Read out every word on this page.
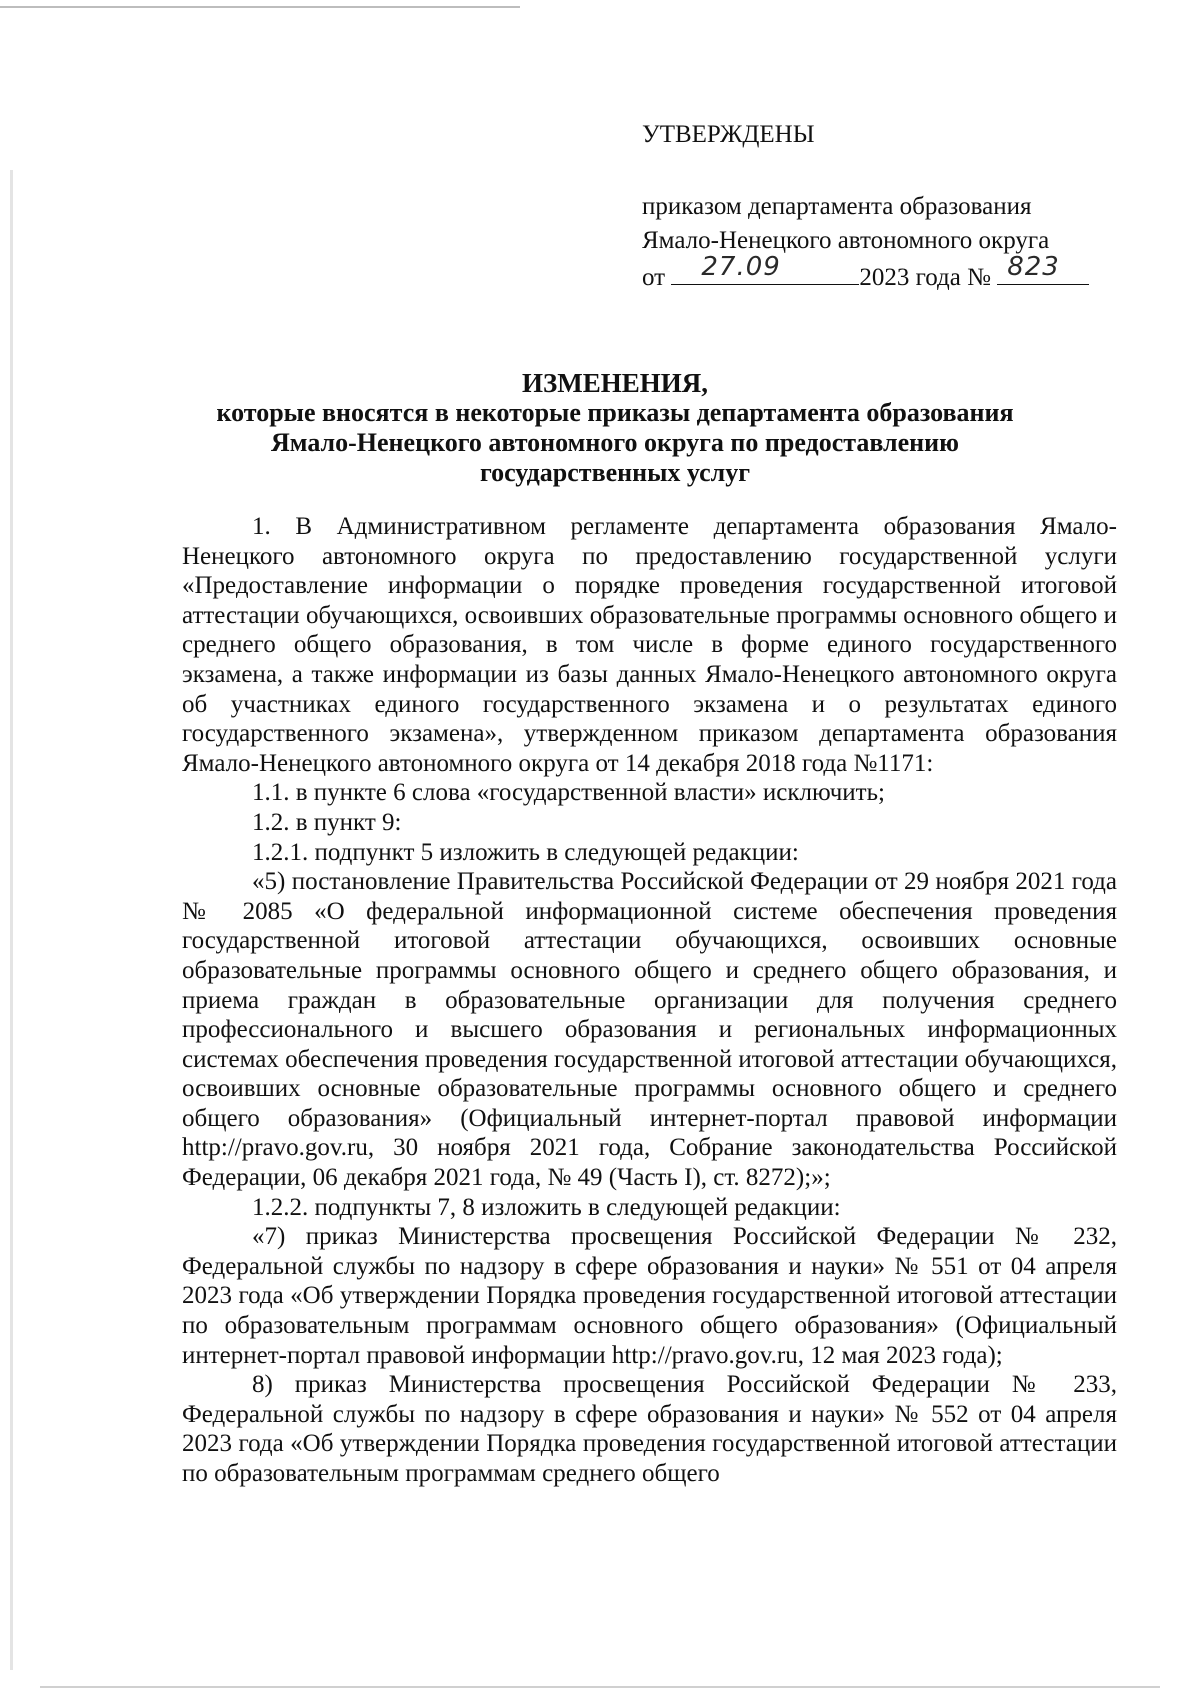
УТВЕРЖДЕНЫ
приказом департамента образования
Ямало-Ненецкого автономного округа
от 27.09	2023 года № 823
ИЗМЕНЕНИЯ,
которые вносятся в некоторые приказы департамента образования
Ямало-Ненецкого автономного округа по предоставлению
государственных услуг

1. В Административном регламенте департамента образования Ямало-Ненецкого автономного округа по предоставлению государственной услуги «Предоставление информации о порядке проведения государственной итоговой аттестации обучающихся, освоивших образовательные программы основного общего и среднего общего образования, в том числе в форме единого государственного экзамена, а также информации из базы данных Ямало-Ненецкого автономного округа об участниках единого государственного экзамена и о результатах единого государственного экзамена», утвержденном приказом департамента образования Ямало-Ненецкого автономного округа от 14 декабря 2018 года №1171:

1.1. в пункте 6 слова «государственной власти» исключить;

1.2. в пункт 9:

1.2.1. подпункт 5 изложить в следующей редакции:

«5) постановление Правительства Российской Федерации от 29 ноября 2021 года № 2085 «О федеральной информационной системе обеспечения проведения государственной итоговой аттестации обучающихся, освоивших основные образовательные программы основного общего и среднего общего образования, и приема граждан в образовательные организации для получения среднего профессионального и высшего образования и региональных информационных системах обеспечения проведения государственной итоговой аттестации обучающихся, освоивших основные образовательные программы основного общего и среднего общего образования» (Официальный интернет-портал правовой информации http://pravo.gov.ru, 30 ноября 2021 года, Собрание законодательства Российской Федерации, 06 декабря 2021 года, № 49 (Часть I), ст. 8272);»;

1.2.2. подпункты 7, 8 изложить в следующей редакции:

«7) приказ Министерства просвещения Российской Федерации № 232, Федеральной службы по надзору в сфере образования и науки» № 551 от 04 апреля 2023 года «Об утверждении Порядка проведения государственной итоговой аттестации по образовательным программам основного общего образования» (Официальный интернет-портал правовой информации http://pravo.gov.ru, 12 мая 2023 года);

8) приказ Министерства просвещения Российской Федерации № 233, Федеральной службы по надзору в сфере образования и науки» № 552 от 04 апреля 2023 года «Об утверждении Порядка проведения государственной итоговой аттестации по образовательным программам среднего общего
